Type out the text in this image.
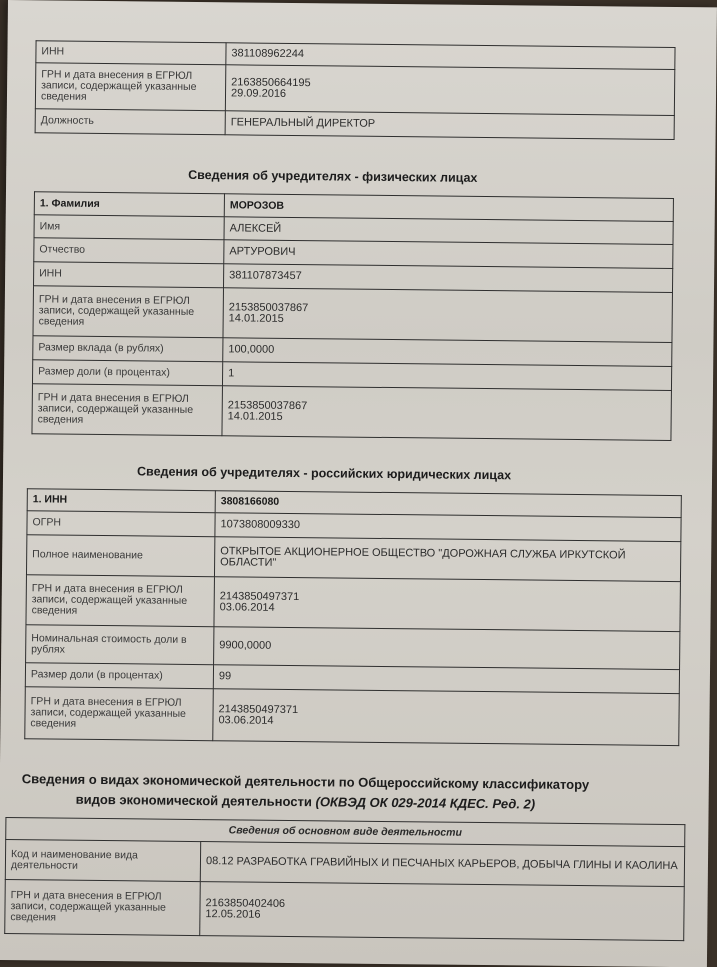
ИНН	381108962244
ГРН и дата внесения в ЕГРЮЛ записи, содержащей указанные сведения	2163850664195
29.09.2016

Должность	ГЕНЕРАЛЬНЫЙ ДИРЕКТОР
Сведения об учредителях - физических лицах
1. Фамилия	МОРОЗОВ
Имя	АЛЕКСЕЙ
Отчество	АРТУРОВИЧ
ИНН	381107873457
ГРН и дата внесения в ЕГРЮЛ записи, содержащей указанные сведения	2153850037867
14.01.2015

Размер вклада (в рублях)	100,0000
Размер доли (в процентах)	1
ГРН и дата внесения в ЕГРЮЛ записи, содержащей указанные сведения	2153850037867
14.01.2015
Сведения об учредителях - российских юридических лицах
1. ИНН	3808166080
ОГРН	1073808009330
Полное наименование	ОТКРЫТОЕ АКЦИОНЕРНОЕ ОБЩЕСТВО "ДОРОЖНАЯ СЛУЖБА ИРКУТСКОЙ ОБЛАСТИ"
ГРН и дата внесения в ЕГРЮЛ записи, содержащей указанные сведения	2143850497371
03.06.2014

Номинальная стоимость доли в рублях	9900,0000
Размер доли (в процентах)	99
ГРН и дата внесения в ЕГРЮЛ записи, содержащей указанные сведения	2143850497371
03.06.2014
Сведения о видах экономической деятельности по Общероссийскому классификатору
видов экономической деятельности (ОКВЭД ОК 029-2014 КДЕС. Ред. 2)
Сведения об основном виде деятельности	
Код и наименование вида деятельности	08.12 РАЗРАБОТКА ГРАВИЙНЫХ И ПЕСЧАНЫХ КАРЬЕРОВ, ДОБЫЧА ГЛИНЫ И КАОЛИНА
ГРН и дата внесения в ЕГРЮЛ записи, содержащей указанные сведения	2163850402406
12.05.2016
